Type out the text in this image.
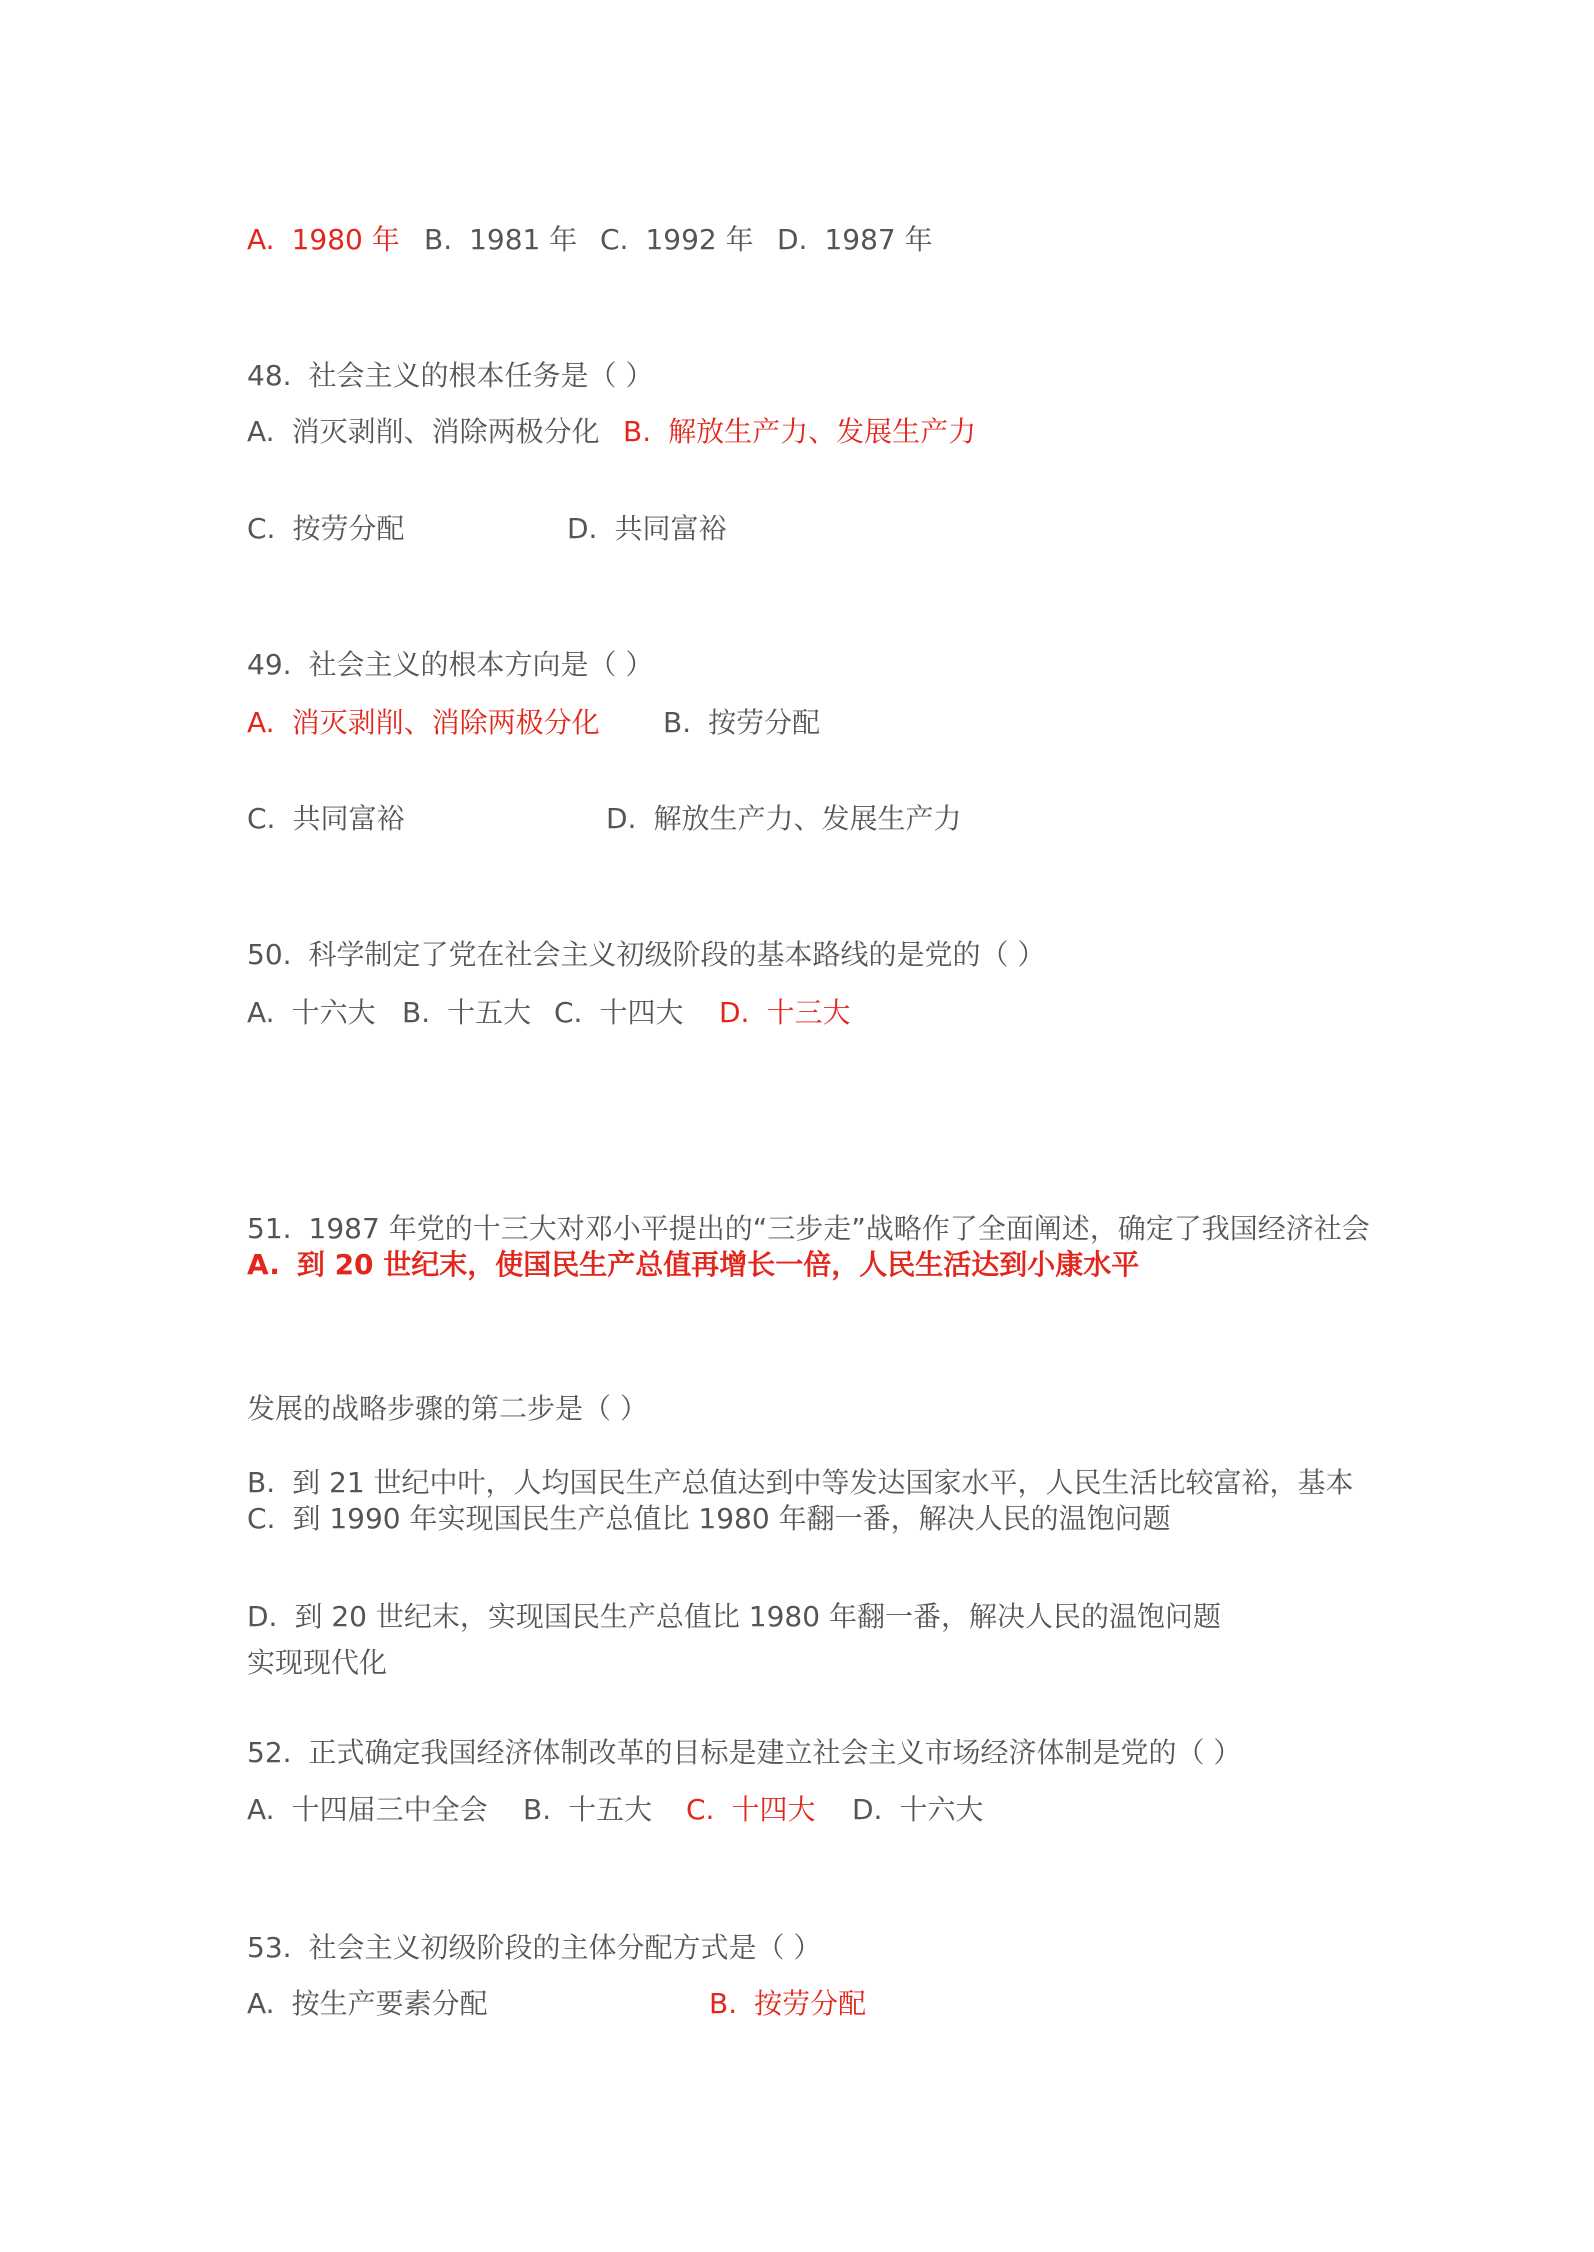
A. 1980 年

B. 1981 年

C. 1992 年

D. 1987 年

48. 社会主义的根本任务是（ ）

A. 消灭剥削、消除两极分化

B. 解放生产力、发展生产力

C. 按劳分配

	D. 共同富裕

49. 社会主义的根本方向是（ ）

A. 消灭剥削、消除两极分化

B. 按劳分配

C. 共同富裕

	D. 解放生产力、发展生产力

50. 科学制定了党在社会主义初级阶段的基本路线的是党的（ ）

A. 十六大

B. 十五大

C. 十四大

D. 十三大

51. 1987 年党的十三大对邓小平提出的“三步走”战略作了全面阐述，确定了我国经济社会

发展的战略步骤的第二步是（ ）

A. 到 20 世纪末，使国民生产总值再增长一倍，人民生活达到小康水平

B. 到 21 世纪中叶，人均国民生产总值达到中等发达国家水平，人民生活比较富裕，基本

实现现代化

C. 到 1990 年实现国民生产总值比 1980 年翻一番，解决人民的温饱问题

D. 到 20 世纪末，实现国民生产总值比 1980 年翻一番，解决人民的温饱问题

52. 正式确定我国经济体制改革的目标是建立社会主义市场经济体制是党的（ ）

A. 十四届三中全会

B. 十五大

C. 十四大

D. 十六大

53. 社会主义初级阶段的主体分配方式是（ ）

A. 按生产要素分配

	B. 按劳分配
